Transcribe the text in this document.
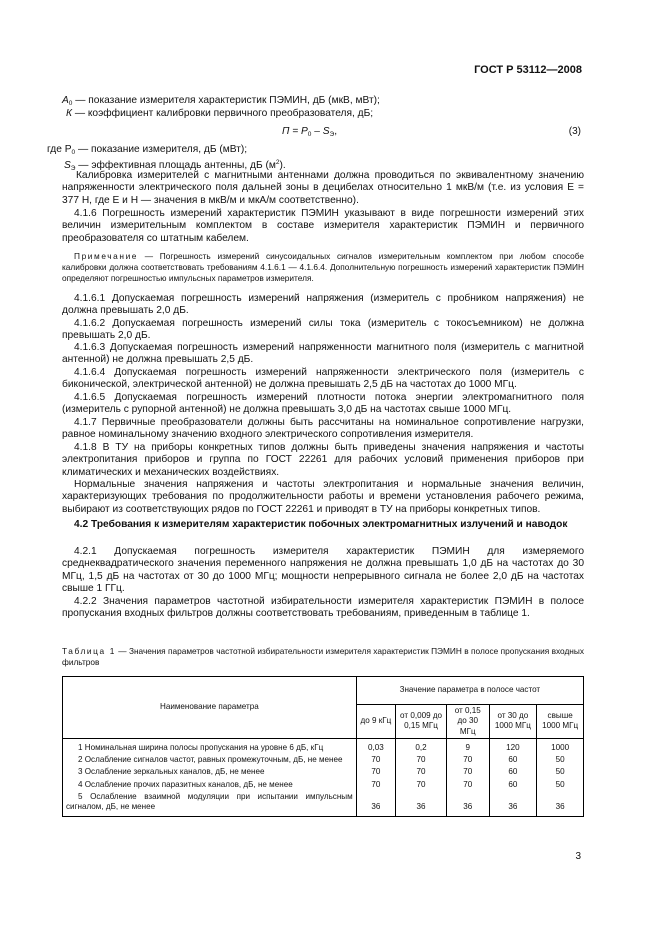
ГОСТ Р 53112—2008

$A_0$ — показание измерителя характеристик ПЭМИН, дБ (мкВ, мВт);

К — коэффициент калибровки первичного преобразователя, дБ;

$П = Р_0 - S_Э$,	(3)

где $Р_0$ — показание измерителя, дБ (мВт);

$S_Э$ — эффективная площадь антенны, дБ $(м^2)$.

Калибровка измерителей с магнитными антеннами должна проводиться по эквивалентному значению напряженности электрического поля дальней зоны в децибелах относительно 1 мкВ/м (т.е. из условия Е = 377 Н, где Е и Н — значения в мкВ/м и мкА/м соответственно).

4.1.6 Погрешность измерений характеристик ПЭМИН указывают в виде погрешности измерений этих величин измерительным комплектом в составе измерителя характеристик ПЭМИН и первичного преобразователя со штатным кабелем.

Примечание — Погрешность измерений синусоидальных сигналов измерительным комплектом при любом способе калибровки должна соответствовать требованиям 4.1.6.1 — 4.1.6.4. Дополнительную погрешность измерений характеристик ПЭМИН определяют погрешностью импульсных параметров измерителя.

4.1.6.1 Допускаемая погрешность измерений напряжения (измеритель с пробником напряжения) не должна превышать 2,0 дБ.

4.1.6.2 Допускаемая погрешность измерений силы тока (измеритель с токосъемником) не должна превышать 2,0 дБ.

4.1.6.3 Допускаемая погрешность измерений напряженности магнитного поля (измеритель с магнитной антенной) не должна превышать 2,5 дБ.

4.1.6.4 Допускаемая погрешность измерений напряженности электрического поля (измеритель с биконической, электрической антенной) не должна превышать 2,5 дБ на частотах до 1000 МГц.

4.1.6.5 Допускаемая погрешность измерений плотности потока энергии электромагнитного поля (измеритель с рупорной антенной) не должна превышать 3,0 дБ на частотах свыше 1000 МГц.

4.1.7 Первичные преобразователи должны быть рассчитаны на номинальное сопротивление нагрузки, равное номинальному значению входного электрического сопротивления измерителя.

4.1.8 В ТУ на приборы конкретных типов должны быть приведены значения напряжения и частоты электропитания приборов и группа по ГОСТ 22261 для рабочих условий применения приборов при климатических и механических воздействиях.

Нормальные значения напряжения и частоты электропитания и нормальные значения величин, характеризующих требования по продолжительности работы и времени установления рабочего режима, выбирают из соответствующих рядов по ГОСТ 22261 и приводят в ТУ на приборы конкретных типов.

4.2 Требования к измерителям характеристик побочных электромагнитных излучений и наводок

4.2.1 Допускаемая погрешность измерителя характеристик ПЭМИН для измеряемого среднеквадратического значения переменного напряжения не должна превышать 1,0 дБ на частотах до 30 МГц, 1,5 дБ на частотах от 30 до 1000 МГц; мощности непрерывного сигнала не более 2,0 дБ на частотах свыше 1 ГГц.

4.2.2 Значения параметров частотной избирательности измерителя характеристик ПЭМИН в полосе пропускания входных фильтров должны соответствовать требованиям, приведенным в таблице 1.

Таблица 1 — Значения параметров частотной избирательности измерителя характеристик ПЭМИН в полосе пропускания входных фильтров

Наименование параметра	Значение параметра в полосе частот				
	до 9 кГц	от 0,009 до 0,15 МГц	от 0,15 до 30 МГц	от 30 до 1000 МГц	свыше 1000 МГц
1 Номинальная ширина полосы пропускания на уровне 6 дБ, кГц	0,03	0,2	9	120	1000
2 Ослабление сигналов частот, равных промежуточным, дБ, не менее	70	70	70	60	50
3 Ослабление зеркальных каналов, дБ, не менее	70	70	70	60	50
4 Ослабление прочих паразитных каналов, дБ, не менее	70	70	70	60	50
5 Ослабление взаимной модуляции при испытании импульсным сигналом, дБ, не менее	36	36	36	36	36
3
